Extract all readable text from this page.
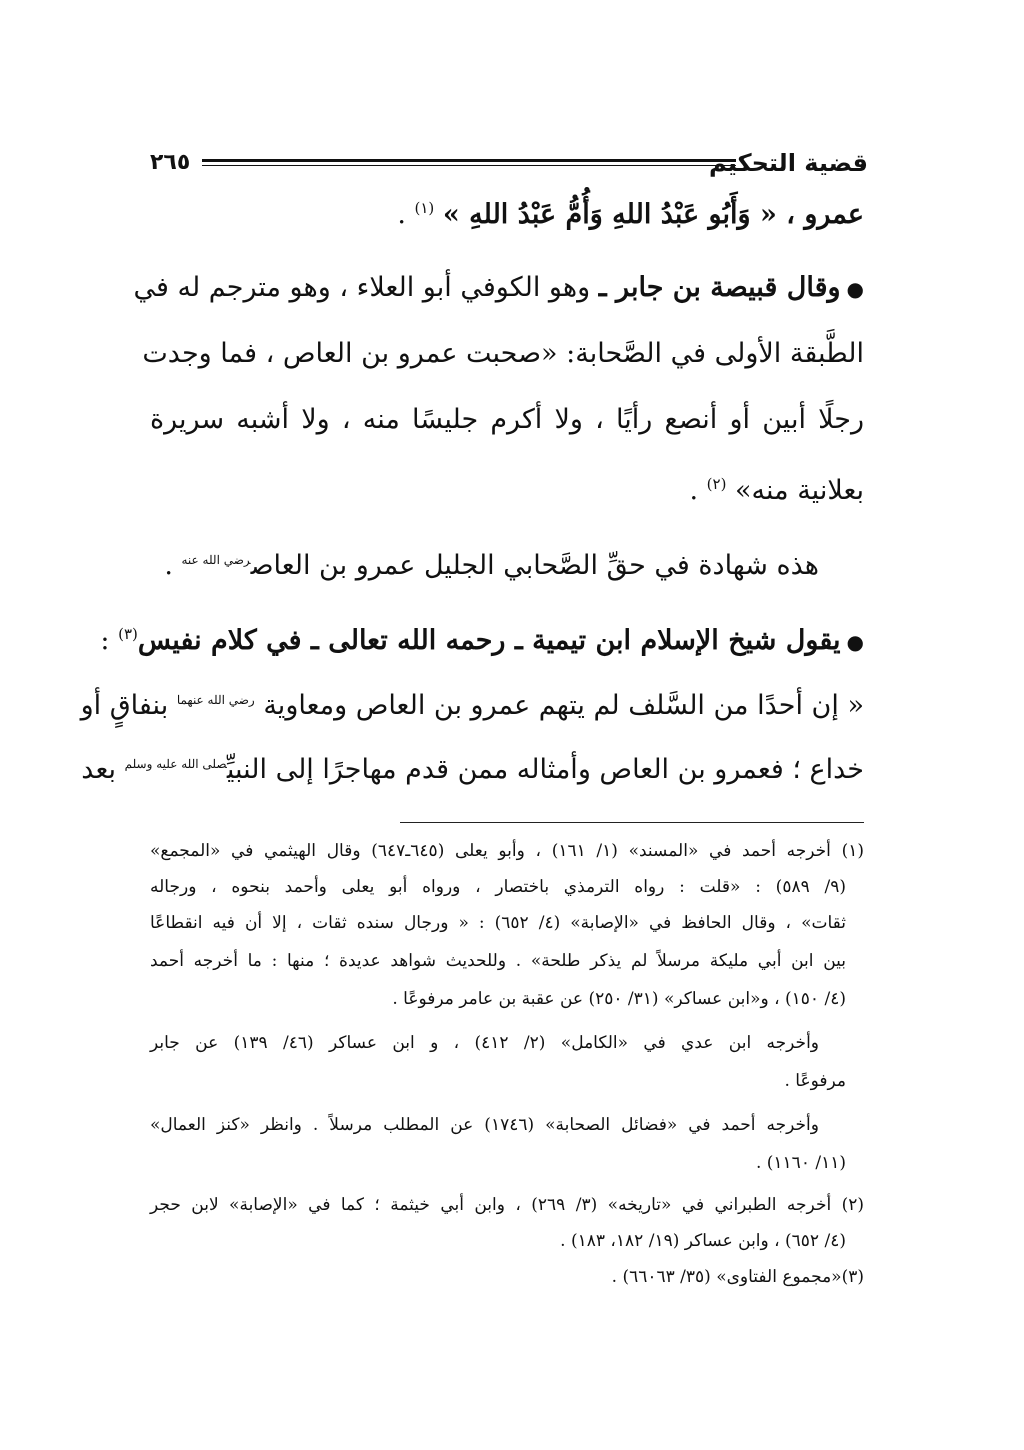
قضية التحكيم
٢٦٥
عمرو ، « وَأَبُو عَبْدُ اللهِ وَأُمُّ عَبْدُ اللهِ » $^{(١)}$ .
●وقال قبيصة بن جابر ـ وهو الكوفي أبو العلاء ، وهو مترجم له في
الطَّبقة الأولى في الصَّحابة: «صحبت عمرو بن العاص ، فما وجدت
رجلًا أبين أو أنصع رأيًا ، ولا أكرم جليسًا منه ، ولا أشبه سريرة
بعلانية منه» $^{(٢)}$ .
هذه شهادة في حقِّ الصَّحابي الجليل عمرو بن العاص$^{رضي الله عنه}$ .
●يقول شيخ الإسلام ابن تيمية ـ رحمه الله تعالى ـ في كلام نفيس$^{(٣)}$ :
« إن أحدًا من السَّلف لم يتهم عمرو بن العاص ومعاوية $^{رضي الله عنهما}$ بنفاقٍ أو
خداع ؛ فعمرو بن العاص وأمثاله ممن قدم مهاجرًا إلى النبيِّ$^{صلى الله عليه وسلم}$ بعد
(١) أخرجه أحمد في «المسند» (١/ ١٦١) ، وأبو يعلى (٦٤٥ـ٦٤٧) وقال الهيثمي في «المجمع»
(٩/ ٥٨٩) : «قلت : رواه الترمذي باختصار ، ورواه أبو يعلى وأحمد بنحوه ، ورجاله
ثقات» ، وقال الحافظ في «الإصابة» (٤/ ٦٥٢) : « ورجال سنده ثقات ، إلا أن فيه انقطاعًا
بين ابن أبي مليكة مرسلاً لم يذكر طلحة» . وللحديث شواهد عديدة ؛ منها : ما أخرجه أحمد
(٤/ ١٥٠) ، و«ابن عساكر» (٣١/ ٢٥٠) عن عقبة بن عامر مرفوعًا .
وأخرجه ابن عدي في «الكامل» (٢/ ٤١٢) ، و ابن عساكر (٤٦/ ١٣٩) عن جابر
مرفوعًا .
وأخرجه أحمد في «فضائل الصحابة» (١٧٤٦) عن المطلب مرسلاً . وانظر «كنز العمال»
(١١/ ١١٦٠) .
(٢) أخرجه الطبراني في «تاريخه» (٣/ ٢٦٩) ، وابن أبي خيثمة ؛ كما في «الإصابة» لابن حجر
(٤/ ٦٥٢) ، وابن عساكر (١٩/ ١٨٢، ١٨٣) .
(٣)«مجموع الفتاوى» (٣٥/ ٦٦٠٦٣) .
